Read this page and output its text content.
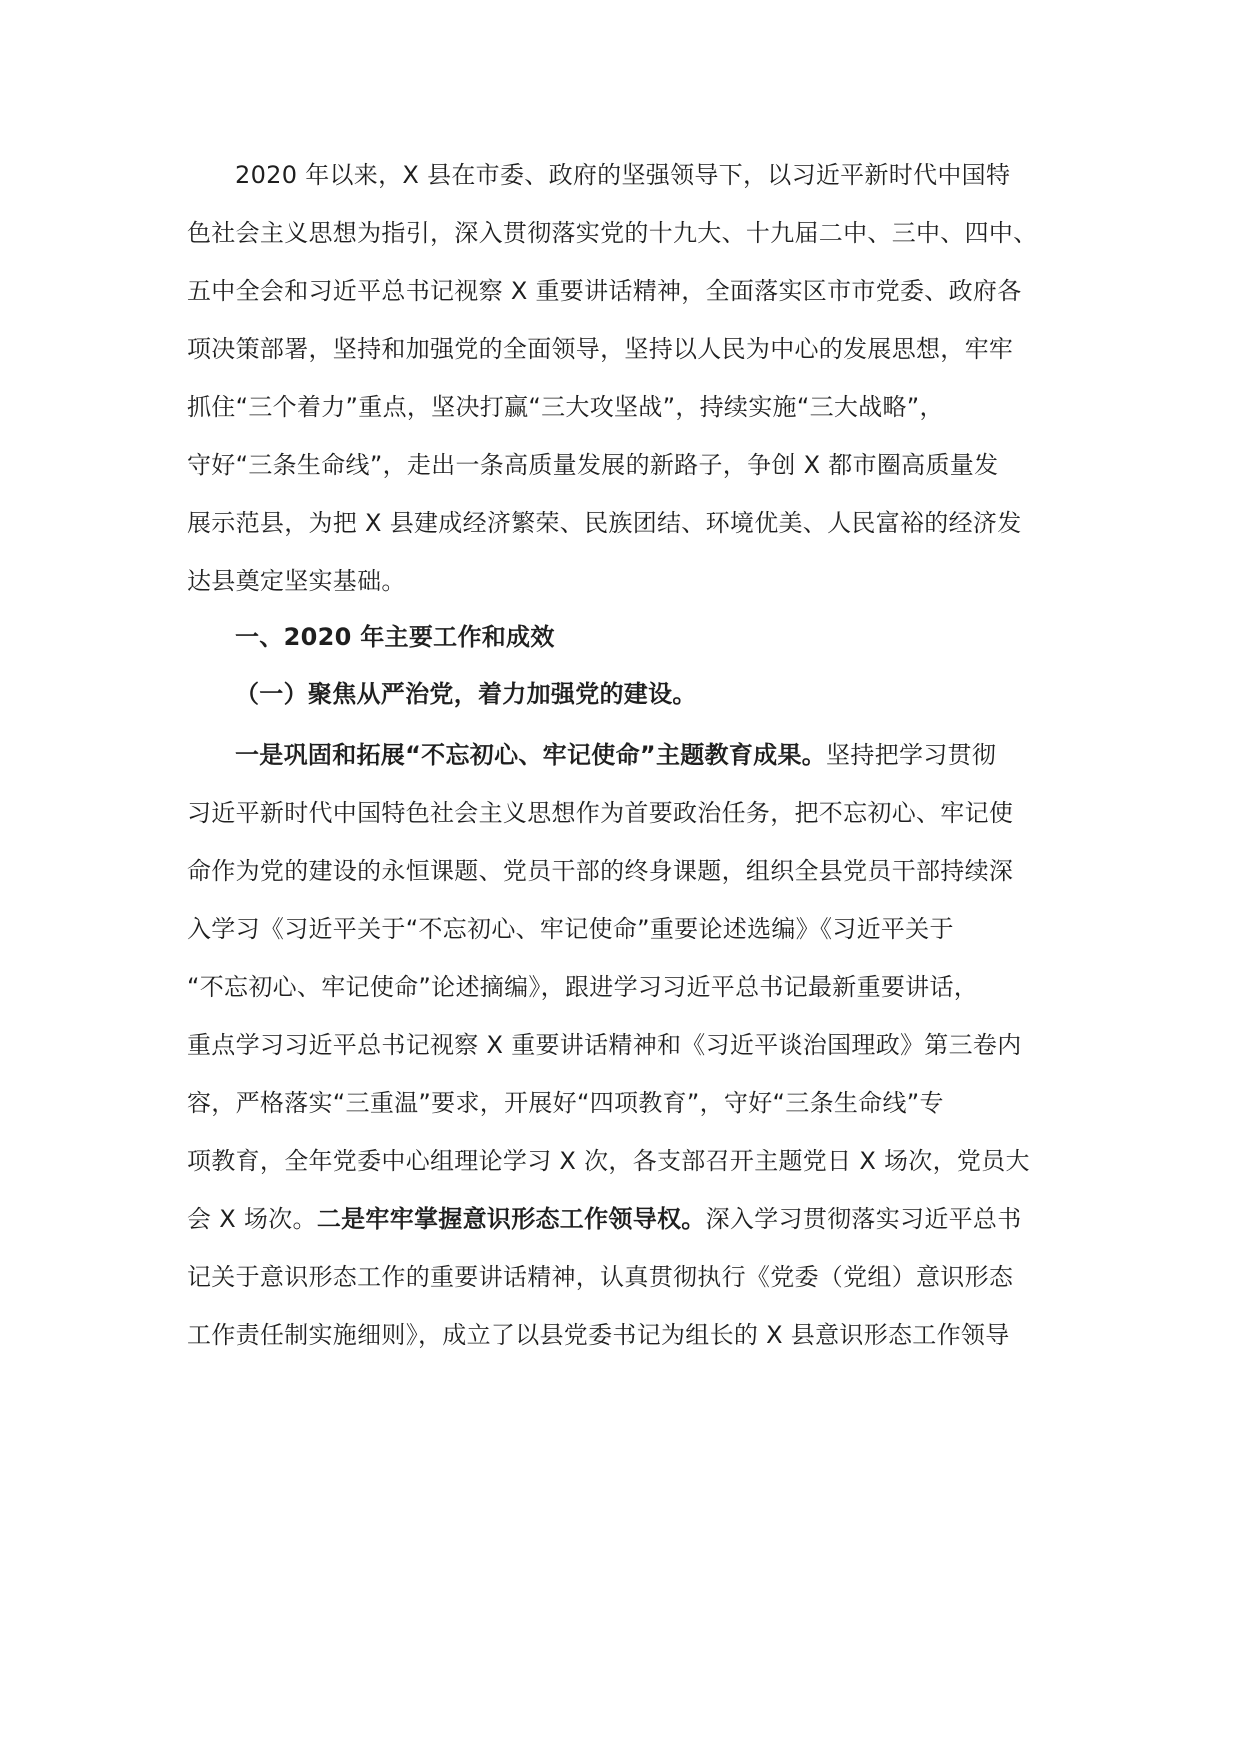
2020 年以来，X 县在市委、政府的坚强领导下，以习近平新时代中国特
色社会主义思想为指引，深入贯彻落实党的十九大、十九届二中、三中、四中、
五中全会和习近平总书记视察 X 重要讲话精神，全面落实区市市党委、政府各
项决策部署，坚持和加强党的全面领导，坚持以人民为中心的发展思想，牢牢
抓住“三个着力”重点，坚决打赢“三大攻坚战”，持续实施“三大战略”，
守好“三条生命线”，走出一条高质量发展的新路子，争创 X 都市圈高质量发
展示范县，为把 X 县建成经济繁荣、民族团结、环境优美、人民富裕的经济发
达县奠定坚实基础。
一、2020 年主要工作和成效
（一）聚焦从严治党，着力加强党的建设。
一是巩固和拓展“不忘初心、牢记使命”主题教育成果。坚持把学习贯彻
习近平新时代中国特色社会主义思想作为首要政治任务，把不忘初心、牢记使
命作为党的建设的永恒课题、党员干部的终身课题，组织全县党员干部持续深
入学习《习近平关于“不忘初心、牢记使命”重要论述选编》《习近平关于
“不忘初心、牢记使命”论述摘编》，跟进学习习近平总书记最新重要讲话，
重点学习习近平总书记视察 X 重要讲话精神和《习近平谈治国理政》第三卷内
容，严格落实“三重温”要求，开展好“四项教育”，守好“三条生命线”专
项教育，全年党委中心组理论学习 X 次，各支部召开主题党日 X 场次，党员大
会 X 场次。二是牢牢掌握意识形态工作领导权。深入学习贯彻落实习近平总书
记关于意识形态工作的重要讲话精神，认真贯彻执行《党委（党组）意识形态
工作责任制实施细则》，成立了以县党委书记为组长的 X 县意识形态工作领导
